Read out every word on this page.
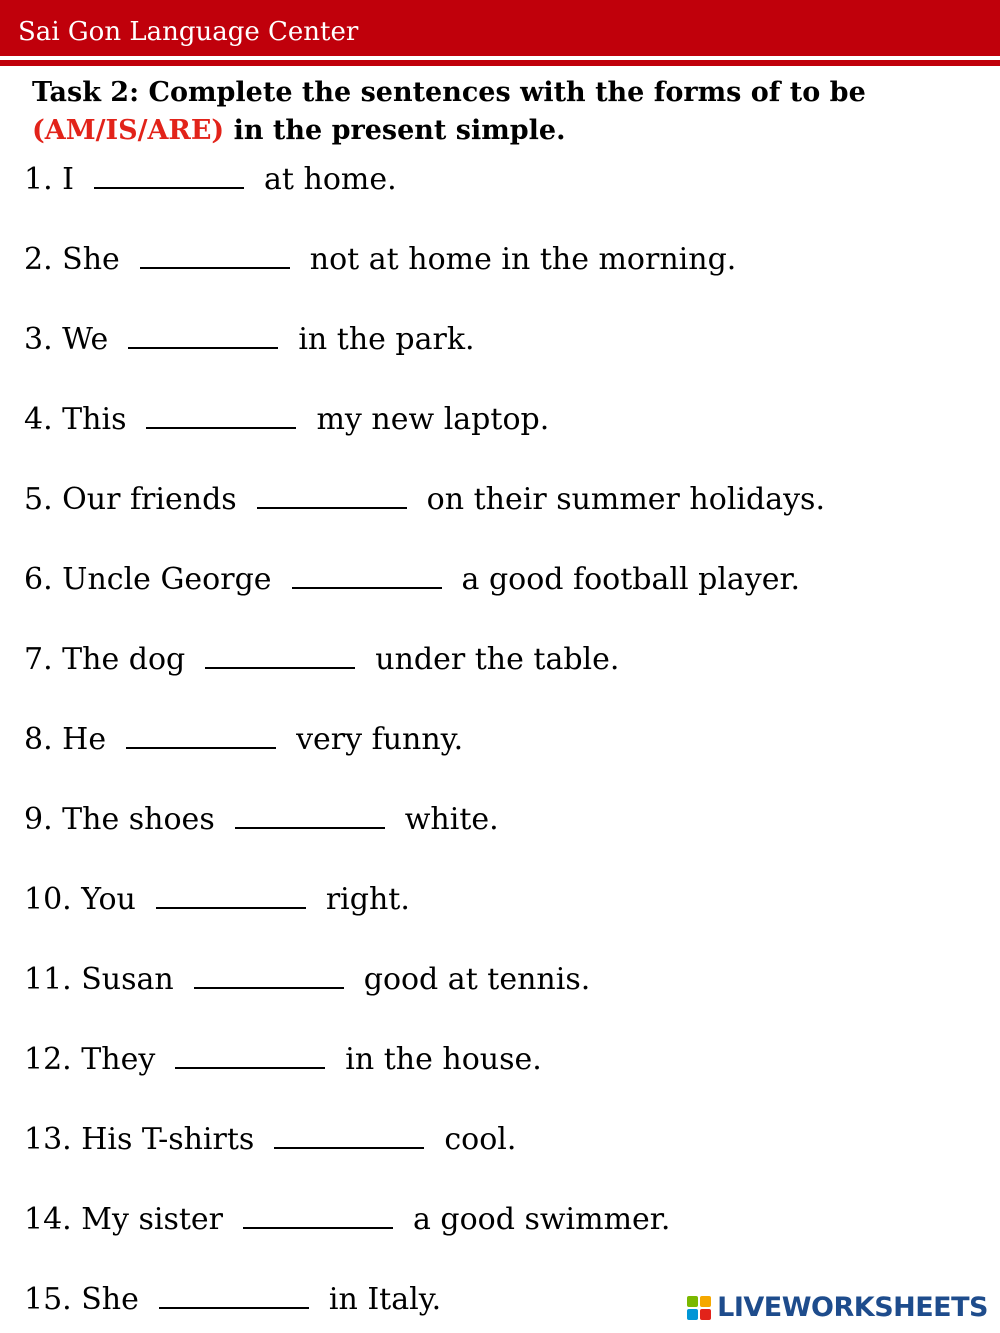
Sai Gon Language Center
Task 2: Complete the sentences with the forms of to be
(AM/IS/ARE) in the present simple.
1. I	at home.
2. She	not at home in the morning.
3. We	in the park.
4. This	my new laptop.
5. Our friends	on their summer holidays.
6. Uncle George	a good football player.
7. The dog	under the table.
8. He	very funny.
9. The shoes	white.
10. You	right.
11. Susan	good at tennis.
12. They	in the house.
13. His T-shirts	cool.
14. My sister	a good swimmer.
15. She	in Italy.	LIVEWORKSHEETS
